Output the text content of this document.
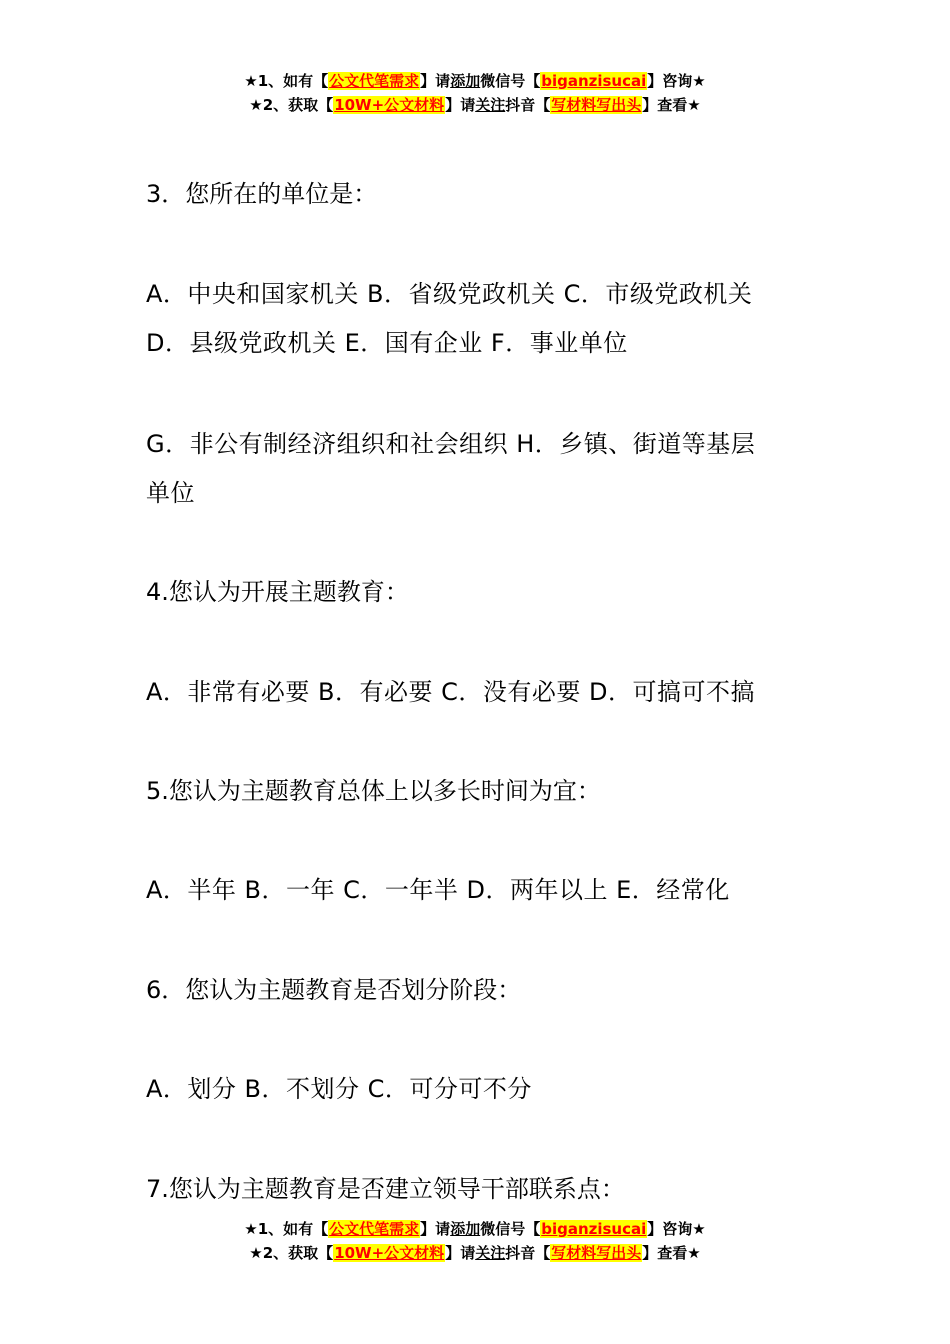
★1、如有【公文代笔需求】请添加微信号【biganzisucai】咨询★
★2、获取【10W+公文材料】请关注抖音【写材料写出头】查看★

3．您所在的单位是：

A．中央和国家机关 B．省级党政机关 C．市级党政机关

D．县级党政机关 E．国有企业 F．事业单位

G．非公有制经济组织和社会组织 H．乡镇、街道等基层

单位

4.您认为开展主题教育：

A．非常有必要 B．有必要 C．没有必要 D．可搞可不搞

5.您认为主题教育总体上以多长时间为宜：

A．半年 B．一年 C．一年半 D．两年以上 E．经常化

6．您认为主题教育是否划分阶段：

A．划分 B．不划分 C．可分可不分

7.您认为主题教育是否建立领导干部联系点：

★1、如有【公文代笔需求】请添加微信号【biganzisucai】咨询★
★2、获取【10W+公文材料】请关注抖音【写材料写出头】查看★
